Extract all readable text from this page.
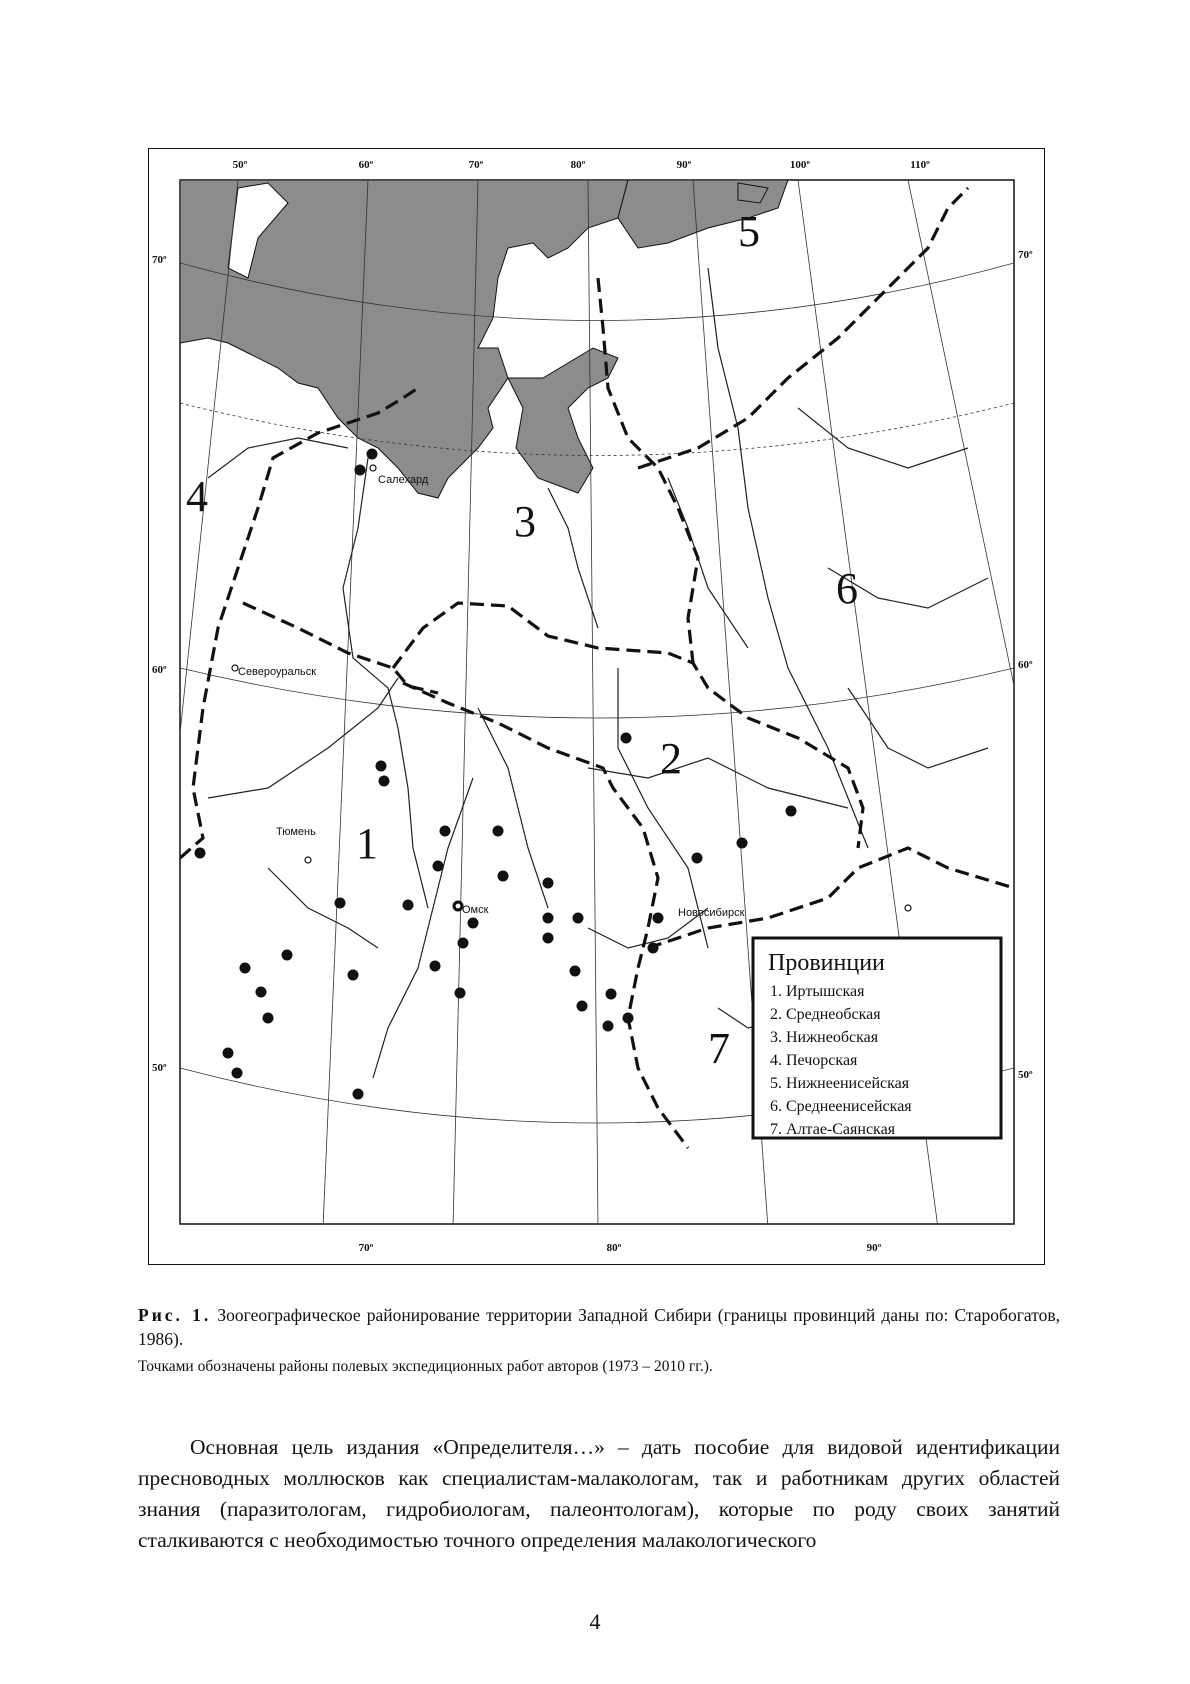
50º	60º	70º	80º	90º	100º	110º
70º	80º	90º
70º
60º
50º
70º
60º
50º
Салехард
Североуральск
Тюмень
Омск	Новосибирск
1
2
3
4
5
6
7
Провинции
1. Иртышская
2. Среднеобская
3. Нижнеобская
4. Печорская
5. Нижнеенисейская
6. Среднеенисейская
7. Алтае-Саянская
Рис. 1. Зоогеографическое районирование территории Западной Сибири (границы провинций даны по: Старобогатов, 1986).
Точками обозначены районы полевых экспедиционных работ авторов (1973 – 2010 гг.).

Основная цель издания «Определителя…» – дать пособие для видовой идентификации пресноводных моллюсков как специалистам-малакологам, так и работникам других областей знания (паразитологам, гидробиологам, палеонтологам), которые по роду своих занятий сталкиваются с необходимостью точного определения малакологического

4
